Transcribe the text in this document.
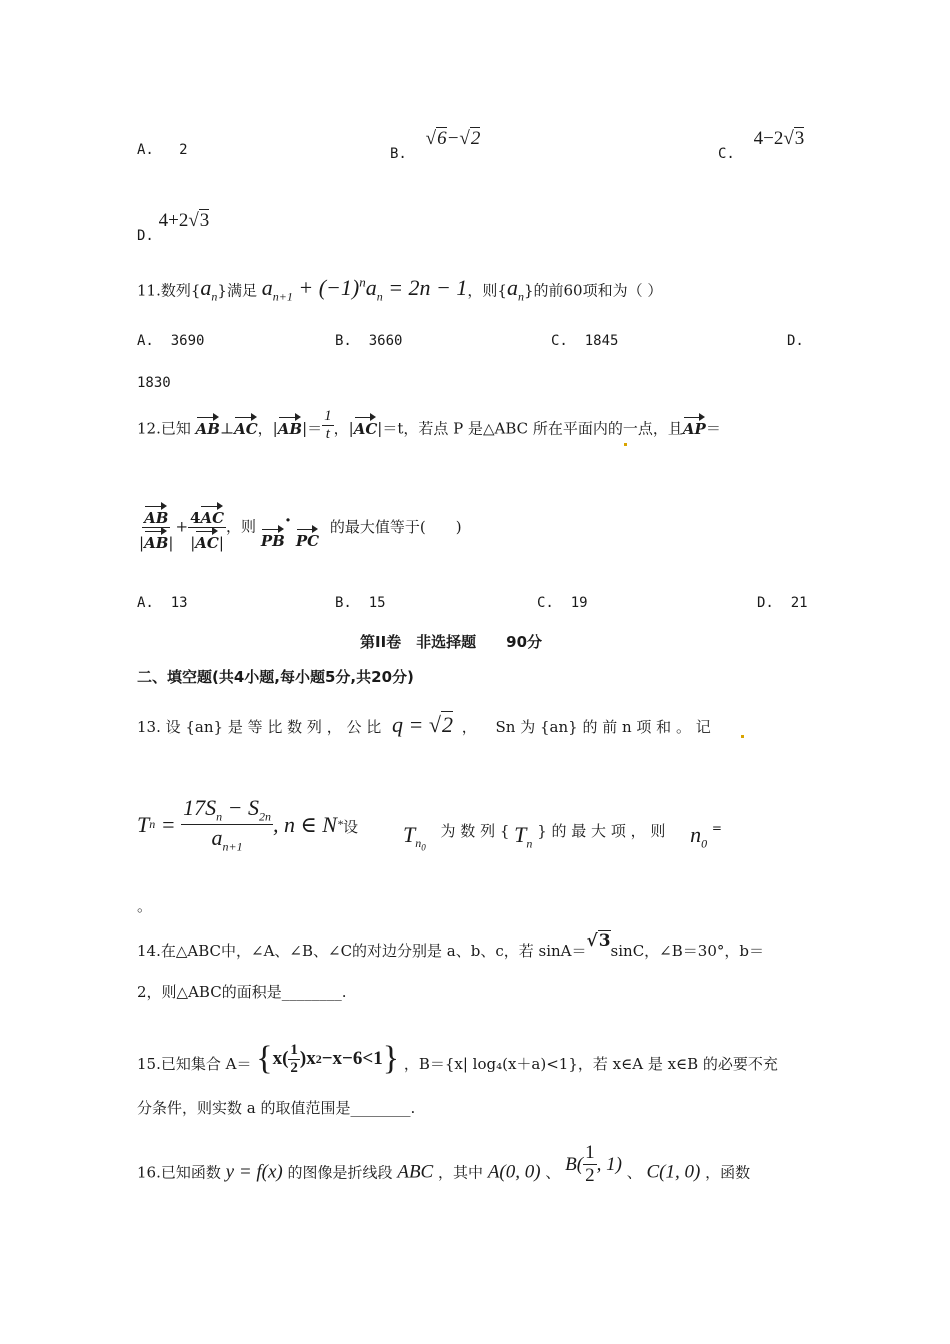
A. 2	B. √6−√2
C. 4−2√3
D. 4+2√3
11.数列$\{a_n\}$满足 $a_{n+1} + (-1)^na_n = 2n - 1$，则$\{a_n\}$的前60项和为（ ）
A. 3690	B. 3660	C. 1845	D.
1830
12.已知 AB⊥AC，$|AB|= \frac{1}{t}$ ，|AC|＝t，若点 P 是△ABC 所在平面内的一点，且AP＝
$\frac{AB}{|AB|} + \frac{4AC}{|AC|}$ ，则 PB· PC 的最大值等于(　　)
A. 13	B. 15	C. 19	D. 21
第II卷　非选择题　　90分
二、填空题(共4小题,每小题5分,共20分)
13. 设 {an} 是 等 比 数 列 ， 公 比 q = √2 ， Sn 为 {an} 的 前 n 项 和 。 记
T $n = \frac{17S_n - S_{2n}}{a_{n+1}}$ , n ∈ N * 设 $T_{n_0}$ 为 数 列 { $T_n$ } 的 最 大 项 ， 则 $n_0$ =
。
14.在△ABC中，∠A、∠B、∠C的对边分别是 a、b、c，若 sinA＝√3sinC，∠B＝30°，b＝
2，则△ABC的面积是________.
15.已知集合 A＝ { $x( \frac{1}{2} )x$ 2 −x−6<1 } ，B＝{x| log₄(x＋a)<1}，若 x∈A 是 x∈B 的必要不充
分条件，则实数 a 的取值范围是________.
16.已知函数 y = f(x) 的图像是折线段 ABC ，其中 A(0, 0) 、 $B( \frac{1}{2}$ , 1) 、 C(1, 0) ，函数
